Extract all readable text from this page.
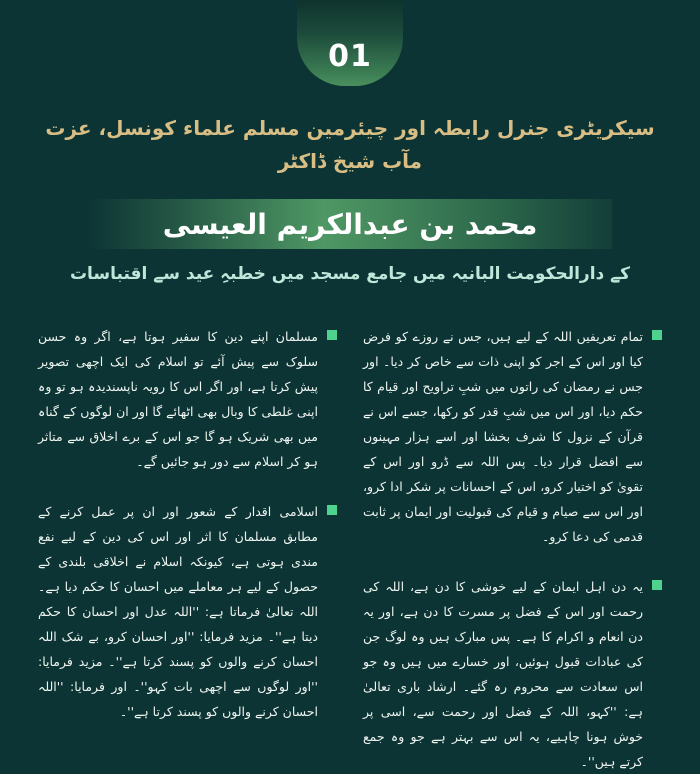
01
سیکریٹری جنرل رابطہ اور چیئرمین مسلم علماء کونسل، عزت
مآب شیخ ڈاکٹر
محمد بن عبدالکریم العیسی
کے دارالحکومت البانیہ میں جامع مسجد میں خطبہِ عید سے اقتباسات
تمام تعریفیں اللہ کے لیے ہیں، جس نے روزے کو فرض کیا اور اس کے اجر کو اپنی ذات سے خاص کر دیا۔ اور جس نے رمضان کی راتوں میں شبِ تراویح اور قیام کا حکم دیا، اور اس میں شبِ قدر کو رکھا، جسے اس نے قرآن کے نزول کا شرف بخشا اور اسے ہزار مہینوں سے افضل قرار دیا۔ پس اللہ سے ڈرو اور اس کے تقویٰ کو اختیار کرو، اس کے احسانات پر شکر ادا کرو، اور اس سے صیام و قیام کی قبولیت اور ایمان پر ثابت قدمی کی دعا کرو۔
یہ دن اہل ایمان کے لیے خوشی کا دن ہے، اللہ کی رحمت اور اس کے فضل پر مسرت کا دن ہے، اور یہ دن انعام و اکرام کا ہے۔ پس مبارک ہیں وہ لوگ جن کی عبادات قبول ہوئیں، اور خسارے میں ہیں وہ جو اس سعادت سے محروم رہ گئے۔ ارشاد باری تعالیٰ ہے: ''کہو، اللہ کے فضل اور رحمت سے، اسی پر خوش ہونا چاہیے، یہ اس سے بہتر ہے جو وہ جمع کرتے ہیں''۔
مسلمان اپنے دین کا سفیر ہوتا ہے، اگر وہ حسن سلوک سے پیش آئے تو اسلام کی ایک اچھی تصویر پیش کرتا ہے، اور اگر اس کا رویہ ناپسندیدہ ہو تو وہ اپنی غلطی کا وبال بھی اٹھائے گا اور ان لوگوں کے گناہ میں بھی شریک ہو گا جو اس کے برے اخلاق سے متاثر ہو کر اسلام سے دور ہو جائیں گے۔
اسلامی اقدار کے شعور اور ان پر عمل کرنے کے مطابق مسلمان کا اثر اور اس کی دین کے لیے نفع مندی ہوتی ہے، کیونکہ اسلام نے اخلاقی بلندی کے حصول کے لیے ہر معاملے میں احسان کا حکم دیا ہے۔ اللہ تعالیٰ فرماتا ہے: ''اللہ عدل اور احسان کا حکم دیتا ہے''۔ مزید فرمایا: ''اور احسان کرو، بے شک اللہ احسان کرنے والوں کو پسند کرتا ہے''۔ مزید فرمایا: ''اور لوگوں سے اچھی بات کہو''۔ اور فرمایا: ''اللہ احسان کرنے والوں کو پسند کرتا ہے''۔
